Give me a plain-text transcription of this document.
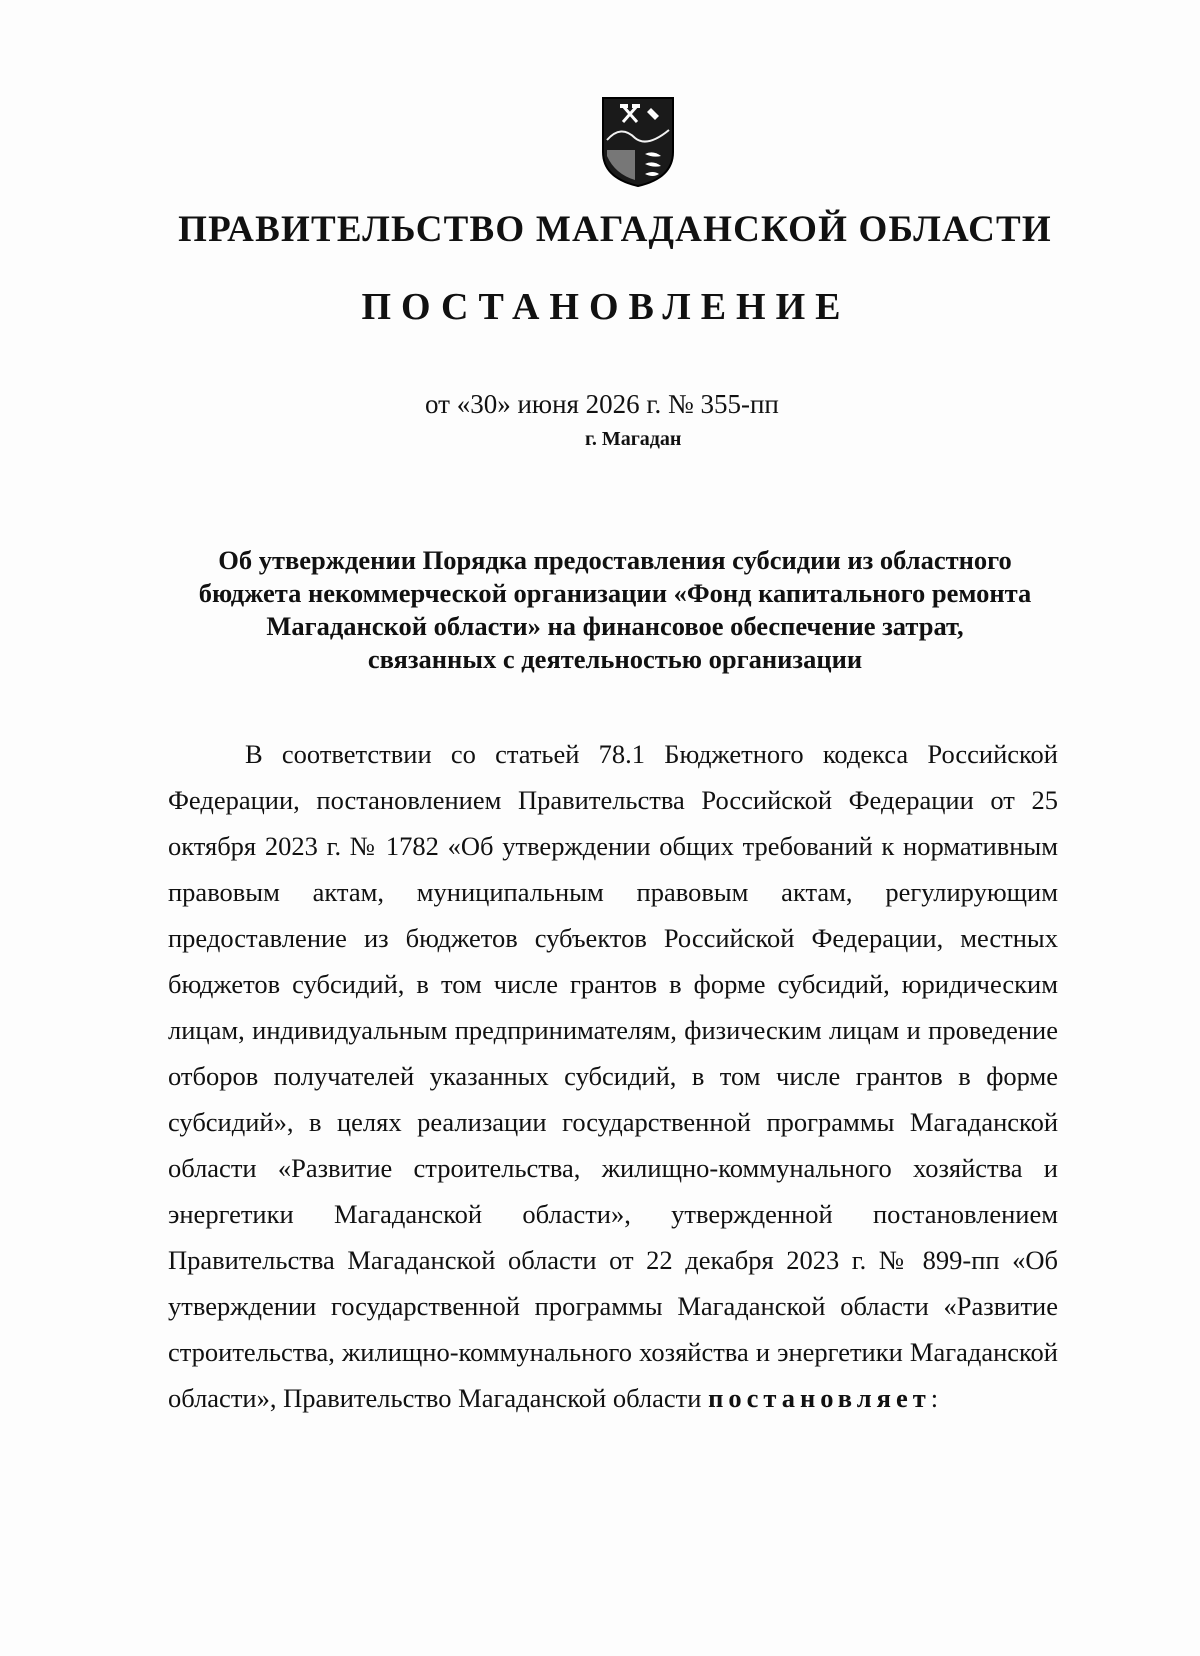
ПРАВИТЕЛЬСТВО МАГАДАНСКОЙ ОБЛАСТИ
ПОСТАНОВЛЕНИЕ
от «30» июня 2026 г. № 355-пп
г. Магадан
Об утверждении Порядка предоставления субсидии из областного
бюджета некоммерческой организации «Фонд капитального ремонта
Магаданской области» на финансовое обеспечение затрат,
связанных с деятельностью организации

В соответствии со статьей 78.1 Бюджетного кодекса Российской Федерации, постановлением Правительства Российской Федерации от 25 октября 2023 г. № 1782 «Об утверждении общих требований к нормативным правовым актам, муниципальным правовым актам, регулирующим предоставление из бюджетов субъектов Российской Федерации, местных бюджетов субсидий, в том числе грантов в форме субсидий, юридическим лицам, индивидуальным предпринимателям, физическим лицам и проведение отборов получателей указанных субсидий, в том числе грантов в форме субсидий», в целях реализации государственной программы Магаданской области «Развитие строительства, жилищно-коммунального хозяйства и энергетики Магаданской области», утвержденной постановлением Правительства Магаданской области от 22 декабря 2023 г. № 899-пп «Об утверждении государственной программы Магаданской области «Развитие строительства, жилищно-коммунального хозяйства и энергетики Магаданской области», Правительство Магаданской области постановляет:
